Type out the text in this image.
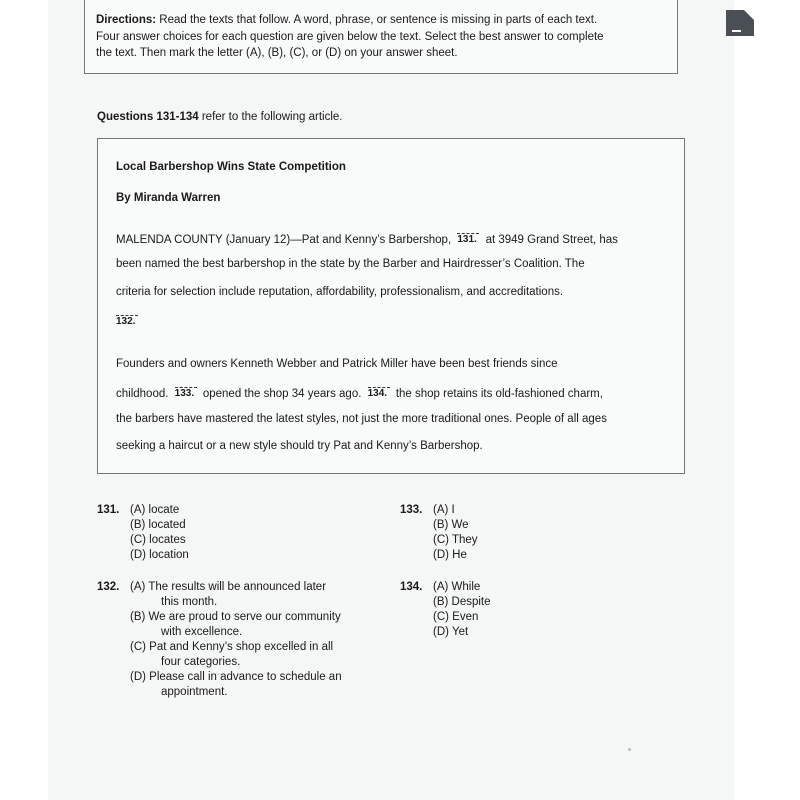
Directions: Read the texts that follow. A word, phrase, or sentence is missing in parts of each text.
Four answer choices for each question are given below the text. Select the best answer to complete
the text. Then mark the letter (A), (B), (C), or (D) on your answer sheet.
Questions 131-134 refer to the following article.
Local Barbershop Wins State Competition
By Miranda Warren
MALENDA COUNTY (January 12)—Pat and Kenny’s Barbershop, 131. at 3949 Grand Street, has
been named the best barbershop in the state by the Barber and Hairdresser’s Coalition. The
criteria for selection include reputation, affordability, professionalism, and accreditations.
132.
Founders and owners Kenneth Webber and Patrick Miller have been best friends since
childhood. 133. opened the shop 34 years ago. 134. the shop retains its old-fashioned charm,
the barbers have mastered the latest styles, not just the more traditional ones. People of all ages
seeking a haircut or a new style should try Pat and Kenny’s Barbershop.
131. (A) locate
(B) located
(C) locates
(D) location
133. (A) I
(B) We
(C) They
(D) He
132. (A) The results will be announced later
this month.
(B) We are proud to serve our community
with excellence.
(C) Pat and Kenny’s shop excelled in all
four categories.
(D) Please call in advance to schedule an
appointment.
134. (A) While
(B) Despite
(C) Even
(D) Yet
